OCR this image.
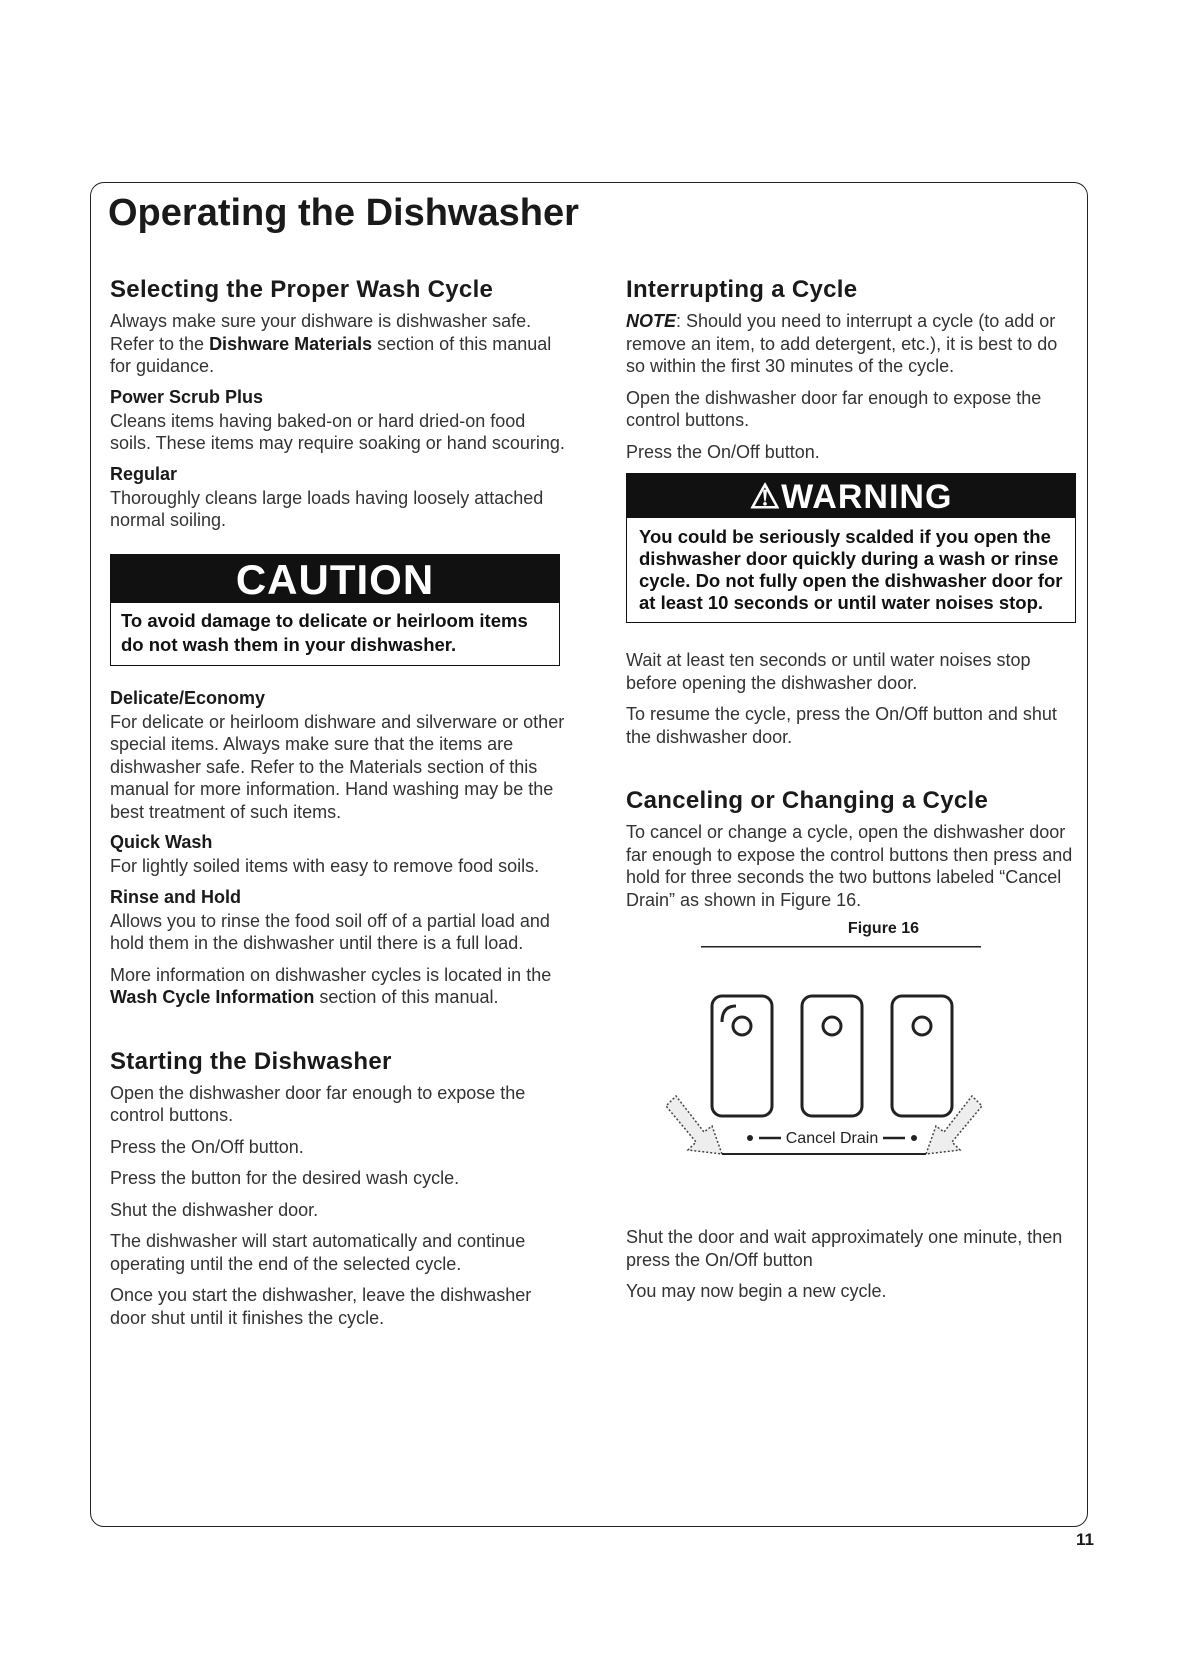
Operating the Dishwasher
Selecting the Proper Wash Cycle

Always make sure your dishware is dishwasher safe. Refer to the Dishware Materials section of this manual for guidance.

Power Scrub Plus

Cleans items having baked-on or hard dried-on food soils. These items may require soaking or hand scouring.

Regular

Thoroughly cleans large loads having loosely attached normal soiling.

CAUTION
To avoid damage to delicate or heirloom items do not wash them in your dishwasher.
Delicate/Economy

For delicate or heirloom dishware and silverware or other special items. Always make sure that the items are dishwasher safe. Refer to the Materials section of this manual for more information. Hand washing may be the best treatment of such items.

Quick Wash

For lightly soiled items with easy to remove food soils.

Rinse and Hold

Allows you to rinse the food soil off of a partial load and hold them in the dishwasher until there is a full load.

More information on dishwasher cycles is located in the Wash Cycle Information section of this manual.

Starting the Dishwasher

Open the dishwasher door far enough to expose the control buttons.

Press the On/Off button.

Press the button for the desired wash cycle.

Shut the dishwasher door.

The dishwasher will start automatically and continue operating until the end of the selected cycle.

Once you start the dishwasher, leave the dishwasher door shut until it finishes the cycle.

Interrupting a Cycle

NOTE: Should you need to interrupt a cycle (to add or remove an item, to add detergent, etc.), it is best to do so within the first 30 minutes of the cycle.

Open the dishwasher door far enough to expose the control buttons.

Press the On/Off button.

⚠WARNING
You could be seriously scalded if you open the dishwasher door quickly during a wash or rinse cycle. Do not fully open the dishwasher door for at least 10 seconds or until water noises stop.

Wait at least ten seconds or until water noises stop before opening the dishwasher door.

To resume the cycle, press the On/Off button and shut the dishwasher door.

Canceling or Changing a Cycle

To cancel or change a cycle, open the dishwasher door far enough to expose the control buttons then press and hold for three seconds the two buttons labeled “Cancel Drain” as shown in Figure 16.

Figure 16
Cancel Drain

Shut the door and wait approximately one minute, then press the On/Off button

You may now begin a new cycle.

11
